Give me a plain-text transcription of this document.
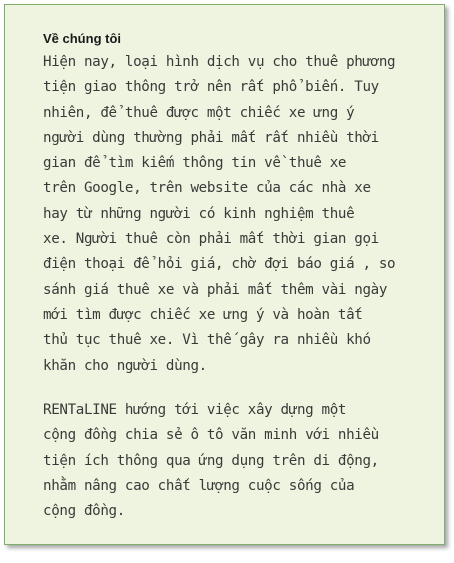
Về chúng tôi

Hiện nay, loại hình dịch vụ cho thuê phương
tiện giao thông trở nên rất phổ biến. Tuy
nhiên, để thuê được một chiếc xe ưng ý
người dùng thường phải mất rất nhiều thời
gian để tìm kiếm thông tin về thuê xe
trên Google, trên website của các nhà xe
hay từ những người có kinh nghiệm thuê
xe. Người thuê còn phải mất thời gian gọi
điện thoại để hỏi giá, chờ đợi báo giá , so
sánh giá thuê xe và phải mất thêm vài ngày
mới tìm được chiếc xe ưng ý và hoàn tất
thủ tục thuê xe. Vì thế gây ra nhiều khó
khăn cho người dùng.

RENTaLINE hướng tới việc xây dựng một
cộng đồng chia sẻ ô tô văn minh với nhiều
tiện ích thông qua ứng dụng trên di động,
nhằm nâng cao chất lượng cuộc sống của
cộng đồng.
